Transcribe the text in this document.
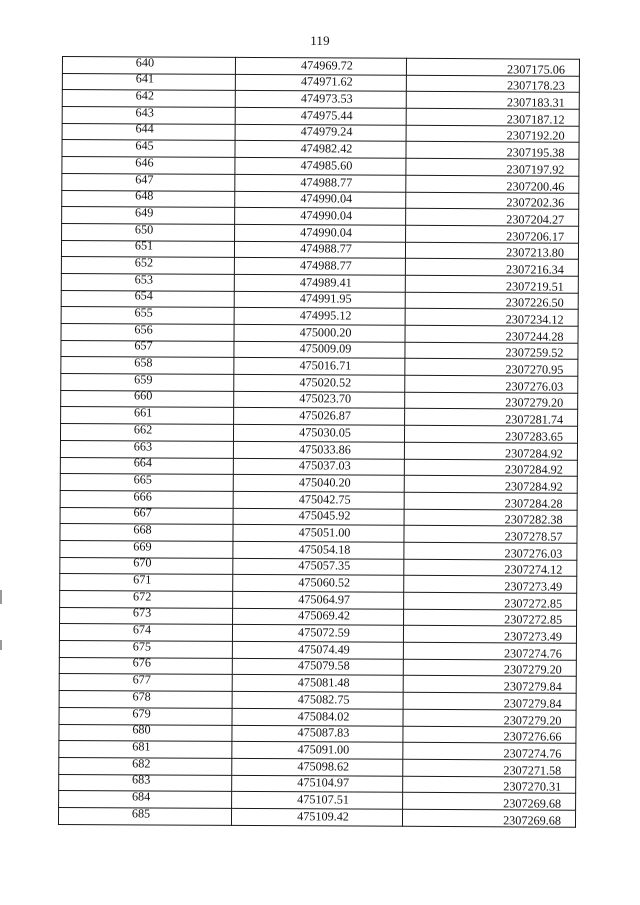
119
640	474969.72	2307175.06
641	474971.62	2307178.23
642	474973.53	2307183.31
643	474975.44	2307187.12
644	474979.24	2307192.20
645	474982.42	2307195.38
646	474985.60	2307197.92
647	474988.77	2307200.46
648	474990.04	2307202.36
649	474990.04	2307204.27
650	474990.04	2307206.17
651	474988.77	2307213.80
652	474988.77	2307216.34
653	474989.41	2307219.51
654	474991.95	2307226.50
655	474995.12	2307234.12
656	475000.20	2307244.28
657	475009.09	2307259.52
658	475016.71	2307270.95
659	475020.52	2307276.03
660	475023.70	2307279.20
661	475026.87	2307281.74
662	475030.05	2307283.65
663	475033.86	2307284.92
664	475037.03	2307284.92
665	475040.20	2307284.92
666	475042.75	2307284.28
667	475045.92	2307282.38
668	475051.00	2307278.57
669	475054.18	2307276.03
670	475057.35	2307274.12
671	475060.52	2307273.49
672	475064.97	2307272.85
673	475069.42	2307272.85
674	475072.59	2307273.49
675	475074.49	2307274.76
676	475079.58	2307279.20
677	475081.48	2307279.84
678	475082.75	2307279.84
679	475084.02	2307279.20
680	475087.83	2307276.66
681	475091.00	2307274.76
682	475098.62	2307271.58
683	475104.97	2307270.31
684	475107.51	2307269.68
685	475109.42	2307269.68
